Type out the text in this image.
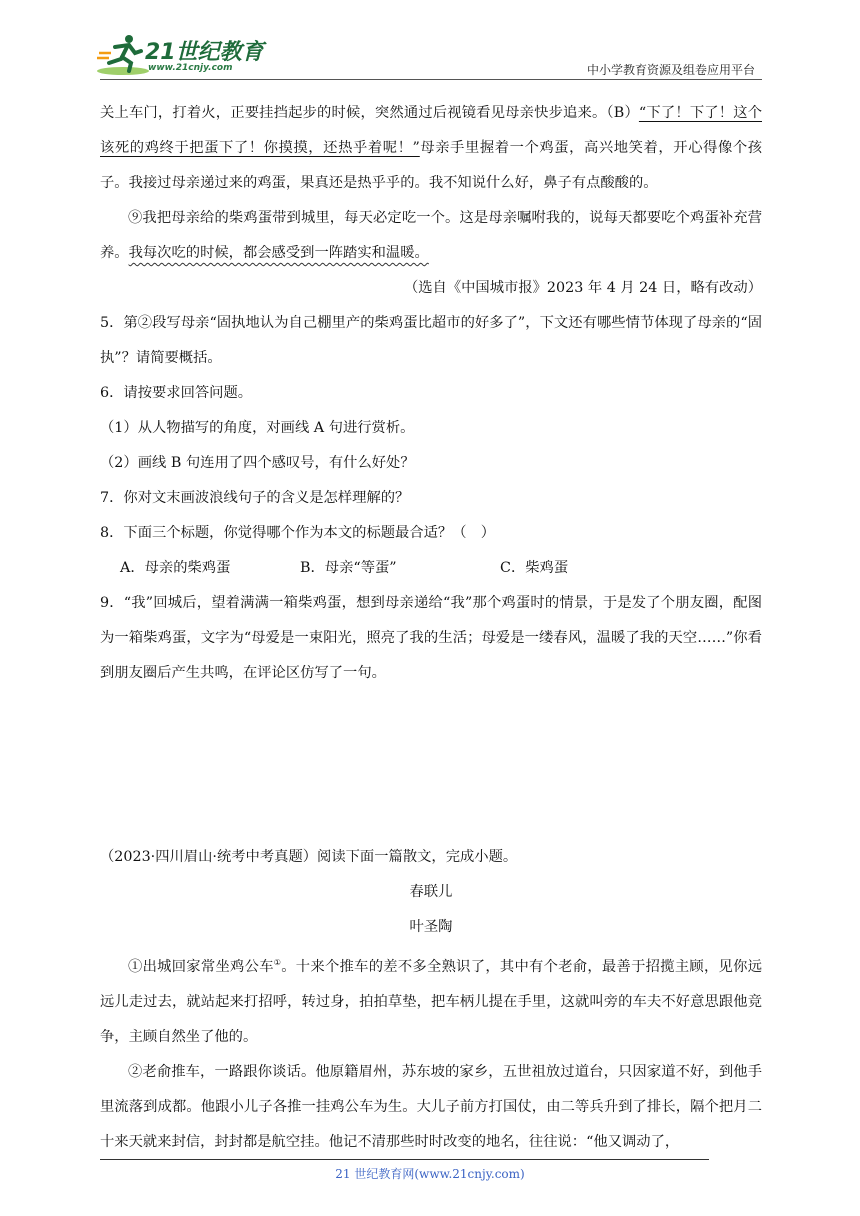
21世纪教育
www.21cnjy.com	中小学教育资源及组卷应用平台

关上车门，打着火，正要挂挡起步的时候，突然通过后视镜看见母亲快步追来。（B）“下了！下了！这个该死的鸡终于把蛋下了！你摸摸，还热乎着呢！”母亲手里握着一个鸡蛋，高兴地笑着，开心得像个孩子。我接过母亲递过来的鸡蛋，果真还是热乎乎的。我不知说什么好，鼻子有点酸酸的。

⑨我把母亲给的柴鸡蛋带到城里，每天必定吃一个。这是母亲嘱咐我的，说每天都要吃个鸡蛋补充营养。我每次吃的时候，都会感受到一阵踏实和温暖。

（选自《中国城市报》2023 年 4 月 24 日，略有改动）

5．第②段写母亲“固执地认为自己棚里产的柴鸡蛋比超市的好多了”，下文还有哪些情节体现了母亲的“固执”？请简要概括。

6．请按要求回答问题。

（1）从人物描写的角度，对画线 A 句进行赏析。

（2）画线 B 句连用了四个感叹号，有什么好处？

7．你对文末画波浪线句子的含义是怎样理解的？

8．下面三个标题，你觉得哪个作为本文的标题最合适？（　）

A．母亲的柴鸡蛋	B．母亲“等蛋”	C．柴鸡蛋

9．“我”回城后，望着满满一箱柴鸡蛋，想到母亲递给“我”那个鸡蛋时的情景，于是发了个朋友圈，配图为一箱柴鸡蛋，文字为“母爱是一束阳光，照亮了我的生活；母爱是一缕春风，温暖了我的天空……”你看到朋友圈后产生共鸣，在评论区仿写了一句。

（2023·四川眉山·统考中考真题）阅读下面一篇散文，完成小题。

春联儿

叶圣陶

①出城回家常坐鸡公车①。十来个推车的差不多全熟识了，其中有个老俞，最善于招揽主顾，见你远远儿走过去，就站起来打招呼，转过身，拍拍草垫，把车柄儿提在手里，这就叫旁的车夫不好意思跟他竞争，主顾自然坐了他的。

②老俞推车，一路跟你谈话。他原籍眉州，苏东坡的家乡，五世祖放过道台，只因家道不好，到他手里流落到成都。他跟小儿子各推一挂鸡公车为生。大儿子前方打国仗，由二等兵升到了排长，隔个把月二十来天就来封信，封封都是航空挂。他记不清那些时时改变的地名，往往说：“他又调动了，

21 世纪教育网(www.21cnjy.com)
